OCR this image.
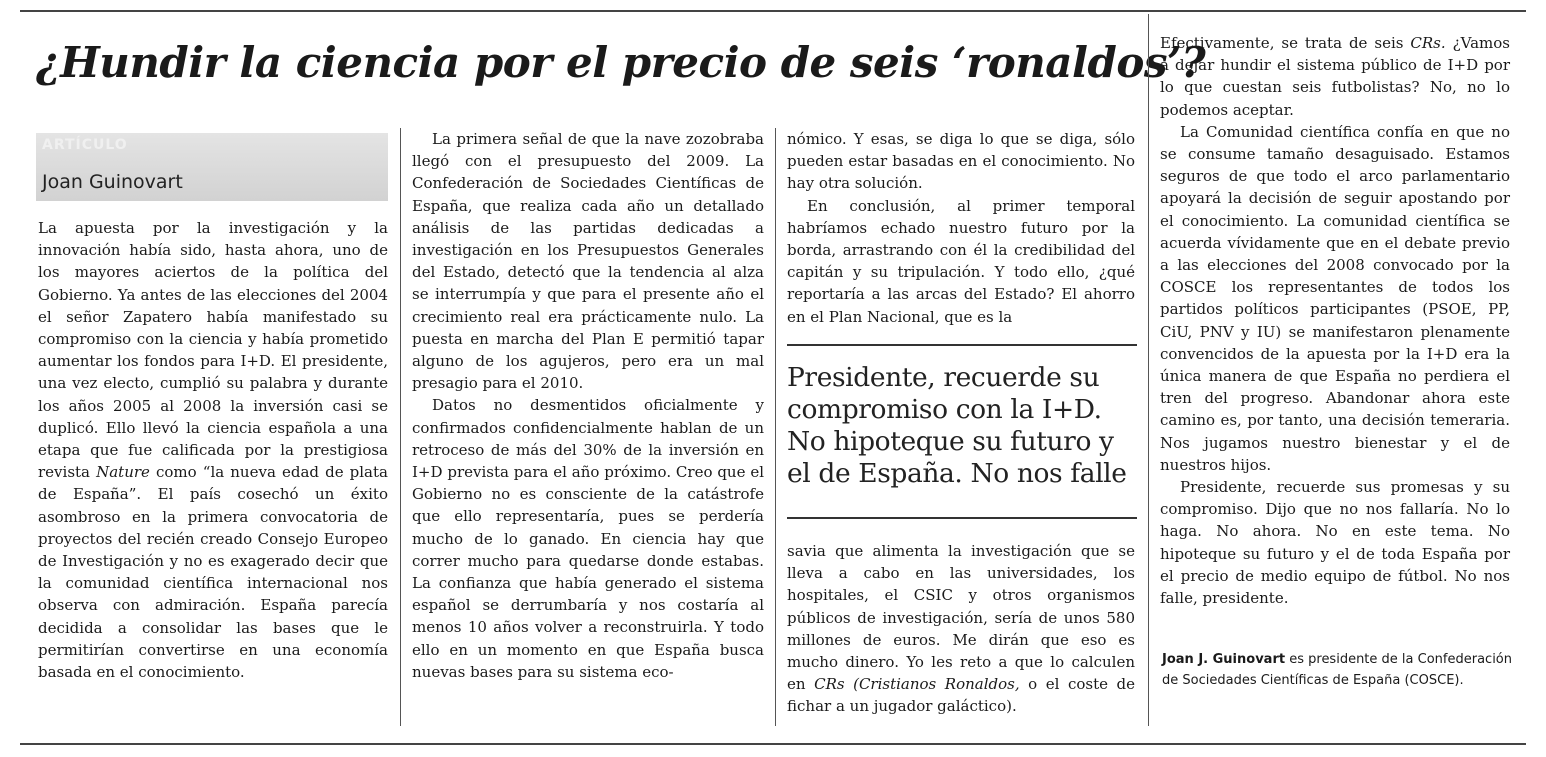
¿Hundir la ciencia por el precio de seis ‘ronaldos’?
ARTÍCULO
Joan Guinovart

La apuesta por la investigación y la innovación había sido, hasta ahora, uno de los mayores aciertos de la política del Gobierno. Ya antes de las elecciones del 2004 el señor Zapatero había manifestado su compromiso con la ciencia y había prometido aumentar los fondos para I+D. El presidente, una vez electo, cumplió su palabra y durante los años 2005 al 2008 la inversión casi se duplicó. Ello llevó la ciencia española a una etapa que fue calificada por la prestigiosa revista Nature como “la nueva edad de plata de España”. El país cosechó un éxito asombroso en la primera convocatoria de proyectos del recién creado Consejo Europeo de Investigación y no es exagerado decir que la comunidad científica internacional nos observa con admiración. España parecía decidida a consolidar las bases que le permitirían convertirse en una economía basada en el conocimiento.

La primera señal de que la nave zozobraba llegó con el presupuesto del 2009. La Confederación de Sociedades Científicas de España, que realiza cada año un detallado análisis de las partidas dedicadas a investigación en los Presupuestos Generales del Estado, detectó que la tendencia al alza se interrumpía y que para el presente año el crecimiento real era prácticamente nulo. La puesta en marcha del Plan E permitió tapar alguno de los agujeros, pero era un mal presagio para el 2010.

Datos no desmentidos oficialmente y confirmados confidencialmente hablan de un retroceso de más del 30% de la inversión en I+D prevista para el año próximo. Creo que el Gobierno no es consciente de la catástrofe que ello representaría, pues se perdería mucho de lo ganado. En ciencia hay que correr mucho para quedarse donde estabas. La confianza que había generado el sistema español se derrumbaría y nos costaría al menos 10 años volver a reconstruirla. Y todo ello en un momento en que España busca nuevas bases para su sistema eco-

nómico. Y esas, se diga lo que se diga, sólo pueden estar basadas en el conocimiento. No hay otra solución.

En conclusión, al primer temporal habríamos echado nuestro futuro por la borda, arrastrando con él la credibilidad del capitán y su tripulación. Y todo ello, ¿qué reportaría a las arcas del Estado? El ahorro en el Plan Nacional, que es la

Presidente, recuerde su compromiso con la I+D. No hipoteque su futuro y el de España. No nos falle

savia que alimenta la investigación que se lleva a cabo en las universidades, los hospitales, el CSIC y otros organismos públicos de investigación, sería de unos 580 millones de euros. Me dirán que eso es mucho dinero. Yo les reto a que lo calculen en CRs (Cristianos Ronaldos, o el coste de fichar a un jugador galáctico).

Efectivamente, se trata de seis CRs. ¿Vamos a dejar hundir el sistema público de I+D por lo que cuestan seis futbolistas? No, no lo podemos aceptar.

La Comunidad científica confía en que no se consume tamaño desaguisado. Estamos seguros de que todo el arco parlamentario apoyará la decisión de seguir apostando por el conocimiento. La comunidad científica se acuerda vívidamente que en el debate previo a las elecciones del 2008 convocado por la COSCE los representantes de todos los partidos políticos participantes (PSOE, PP, CiU, PNV y IU) se manifestaron plenamente convencidos de la apuesta por la I+D era la única manera de que España no perdiera el tren del progreso. Abandonar ahora este camino es, por tanto, una decisión temeraria. Nos jugamos nuestro bienestar y el de nuestros hijos.

Presidente, recuerde sus promesas y su compromiso. Dijo que no nos fallaría. No lo haga. No ahora. No en este tema. No hipoteque su futuro y el de toda España por el precio de medio equipo de fútbol. No nos falle, presidente.

Joan J. Guinovart es presidente de la Confederación de Sociedades Científicas de España (COSCE).
